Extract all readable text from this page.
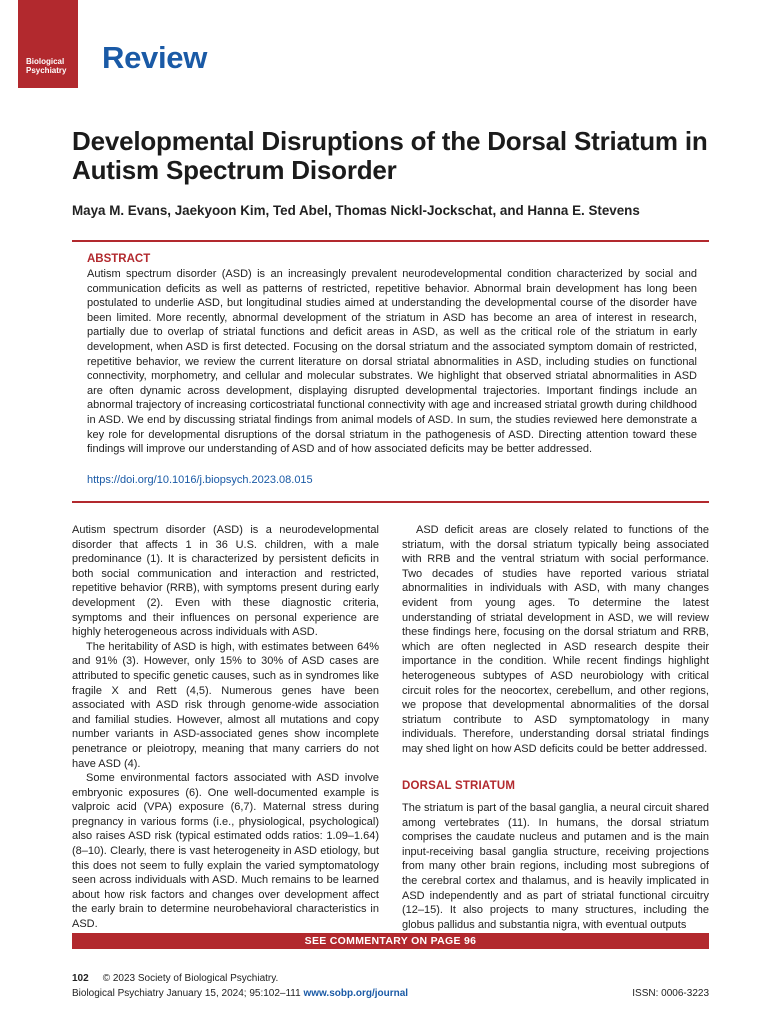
Biological
Psychiatry Review
Developmental Disruptions of the Dorsal Striatum in Autism Spectrum Disorder
Maya M. Evans, Jaekyoon Kim, Ted Abel, Thomas Nickl-Jockschat, and Hanna E. Stevens
ABSTRACT
Autism spectrum disorder (ASD) is an increasingly prevalent neurodevelopmental condition characterized by social and communication deficits as well as patterns of restricted, repetitive behavior. Abnormal brain development has long been postulated to underlie ASD, but longitudinal studies aimed at understanding the developmental course of the disorder have been limited. More recently, abnormal development of the striatum in ASD has become an area of interest in research, partially due to overlap of striatal functions and deficit areas in ASD, as well as the critical role of the striatum in early development, when ASD is first detected. Focusing on the dorsal striatum and the associated symptom domain of restricted, repetitive behavior, we review the current literature on dorsal striatal abnormalities in ASD, including studies on functional connectivity, morphometry, and cellular and molecular substrates. We highlight that observed striatal abnormalities in ASD are often dynamic across development, displaying disrupted developmental trajectories. Important findings include an abnormal trajectory of increasing corticostriatal functional connectivity with age and increased striatal growth during childhood in ASD. We end by discussing striatal findings from animal models of ASD. In sum, the studies reviewed here demonstrate a key role for developmental disruptions of the dorsal striatum in the pathogenesis of ASD. Directing attention toward these findings will improve our understanding of ASD and of how associated deficits may be better addressed.
https://doi.org/10.1016/j.biopsych.2023.08.015

Autism spectrum disorder (ASD) is a neurodevelopmental disorder that affects 1 in 36 U.S. children, with a male predominance (1). It is characterized by persistent deficits in both social communication and interaction and restricted, repetitive behavior (RRB), with symptoms present during early development (2). Even with these diagnostic criteria, symptoms and their influences on personal experience are highly heterogeneous across individuals with ASD.

The heritability of ASD is high, with estimates between 64% and 91% (3). However, only 15% to 30% of ASD cases are attributed to specific genetic causes, such as in syndromes like fragile X and Rett (4,5). Numerous genes have been associated with ASD risk through genome-wide association and familial studies. However, almost all mutations and copy number variants in ASD-associated genes show incomplete penetrance or pleiotropy, meaning that many carriers do not have ASD (4).

Some environmental factors associated with ASD involve embryonic exposures (6). One well-documented example is valproic acid (VPA) exposure (6,7). Maternal stress during pregnancy in various forms (i.e., physiological, psychological) also raises ASD risk (typical estimated odds ratios: 1.09–1.64) (8–10). Clearly, there is vast heterogeneity in ASD etiology, but this does not seem to fully explain the varied symptomatology seen across individuals with ASD. Much remains to be learned about how risk factors and changes over development affect the early brain to determine neurobehavioral characteristics in ASD.

ASD deficit areas are closely related to functions of the striatum, with the dorsal striatum typically being associated with RRB and the ventral striatum with social performance. Two decades of studies have reported various striatal abnormalities in individuals with ASD, with many changes evident from young ages. To determine the latest understanding of striatal development in ASD, we will review these findings here, focusing on the dorsal striatum and RRB, which are often neglected in ASD research despite their importance in the condition. While recent findings highlight heterogeneous subtypes of ASD neurobiology with critical circuit roles for the neocortex, cerebellum, and other regions, we propose that developmental abnormalities of the dorsal striatum contribute to ASD symptomatology in many individuals. Therefore, understanding dorsal striatal findings may shed light on how ASD deficits could be better addressed.

DORSAL STRIATUM

The striatum is part of the basal ganglia, a neural circuit shared among vertebrates (11). In humans, the dorsal striatum comprises the caudate nucleus and putamen and is the main input-receiving basal ganglia structure, receiving projections from many other brain regions, including most subregions of the cerebral cortex and thalamus, and is heavily implicated in ASD independently and as part of striatal functional circuitry (12–15). It also projects to many structures, including the globus pallidus and substantia nigra, with eventual outputs

SEE COMMENTARY ON PAGE 96
102 © 2023 Society of Biological Psychiatry.
Biological Psychiatry January 15, 2024; 95:102–111 www.sobp.org/journal	ISSN: 0006-3223
